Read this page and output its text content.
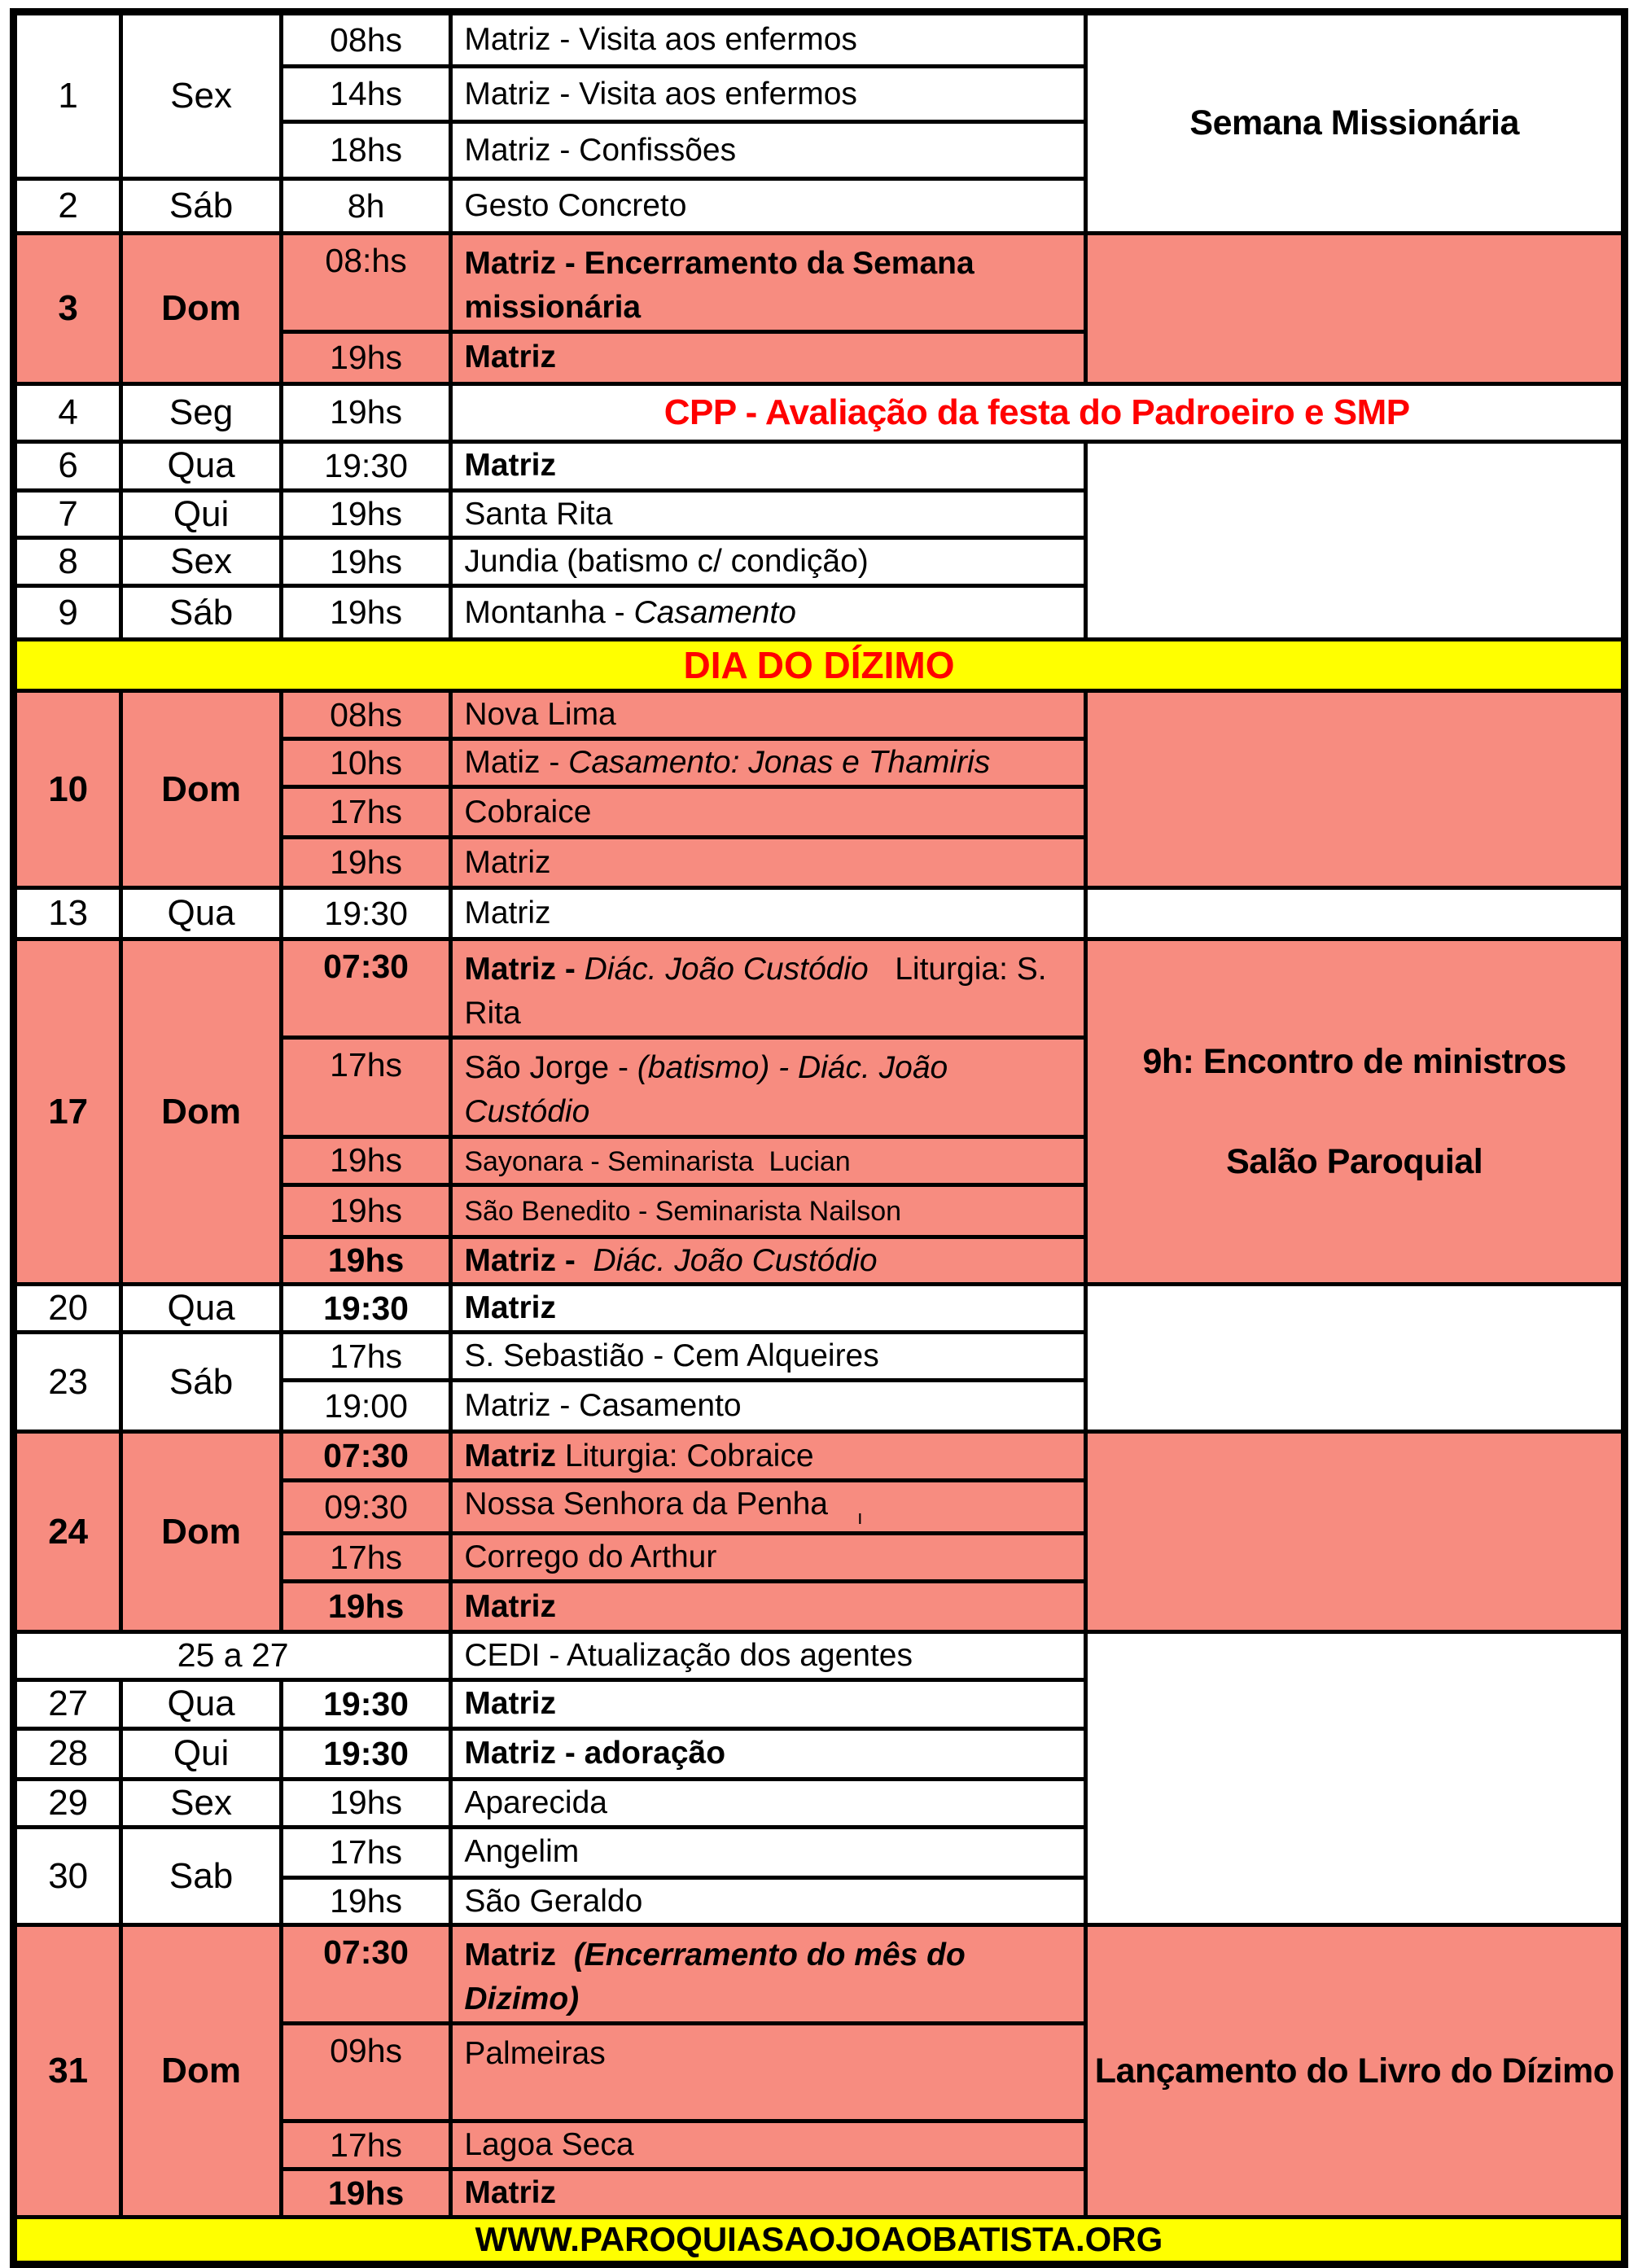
1	Sex	08hs	Matriz - Visita aos enfermos	Semana Missionária
		14hs	Matriz - Visita aos enfermos	
		18hs	Matriz - Confissões	
2	Sáb	8h	Gesto Concreto	
3	Dom	08:hs	Matriz - Encerramento da Semana missionária	
		19hs	Matriz	
4	Seg	19hs	CPP - Avaliação da festa do Padroeiro e SMP	
6	Qua	19:30	Matriz	
7	Qui	19hs	Santa Rita	
8	Sex	19hs	Jundia (batismo c/ condição)	
9	Sáb	19hs	Montanha - Casamento	
DIA DO DÍZIMO				
10	Dom	08hs	Nova Lima	
		10hs	Matiz - Casamento: Jonas e Thamiris	
		17hs	Cobraice	
		19hs	Matriz	
13	Qua	19:30	Matriz	
17	Dom	07:30	Matriz - Diác. João Custódio   Liturgia: S. Rita	9h: Encontro de ministros
Salão Paroquial

		17hs	São Jorge - (batismo) - Diác. João Custódio	
		19hs	Sayonara - Seminarista  Lucian	
		19hs	São Benedito - Seminarista Nailson	
		19hs	Matriz -  Diác. João Custódio	
20	Qua	19:30	Matriz	
23	Sáb	17hs	S. Sebastião - Cem Alqueires	
		19:00	Matriz - Casamento	
24	Dom	07:30	Matriz Liturgia: Cobraice	
		09:30	Nossa Senhora da Penha $_ı$
		17hs	Corrego do Arthur	
		19hs	Matriz	
25 a 27			CEDI - Atualização dos agentes	
27	Qua	19:30	Matriz	
28	Qui	19:30	Matriz - adoração	
29	Sex	19hs	Aparecida	
30	Sab	17hs	Angelim	
		19hs	São Geraldo	
31	Dom	07:30	Matriz  (Encerramento do mês do Dizimo)	Lançamento do Livro do Dízimo
		09hs	Palmeiras	
		17hs	Lagoa Seca	
		19hs	Matriz	
WWW.PAROQUIASAOJOAOBATISTA.ORG				
